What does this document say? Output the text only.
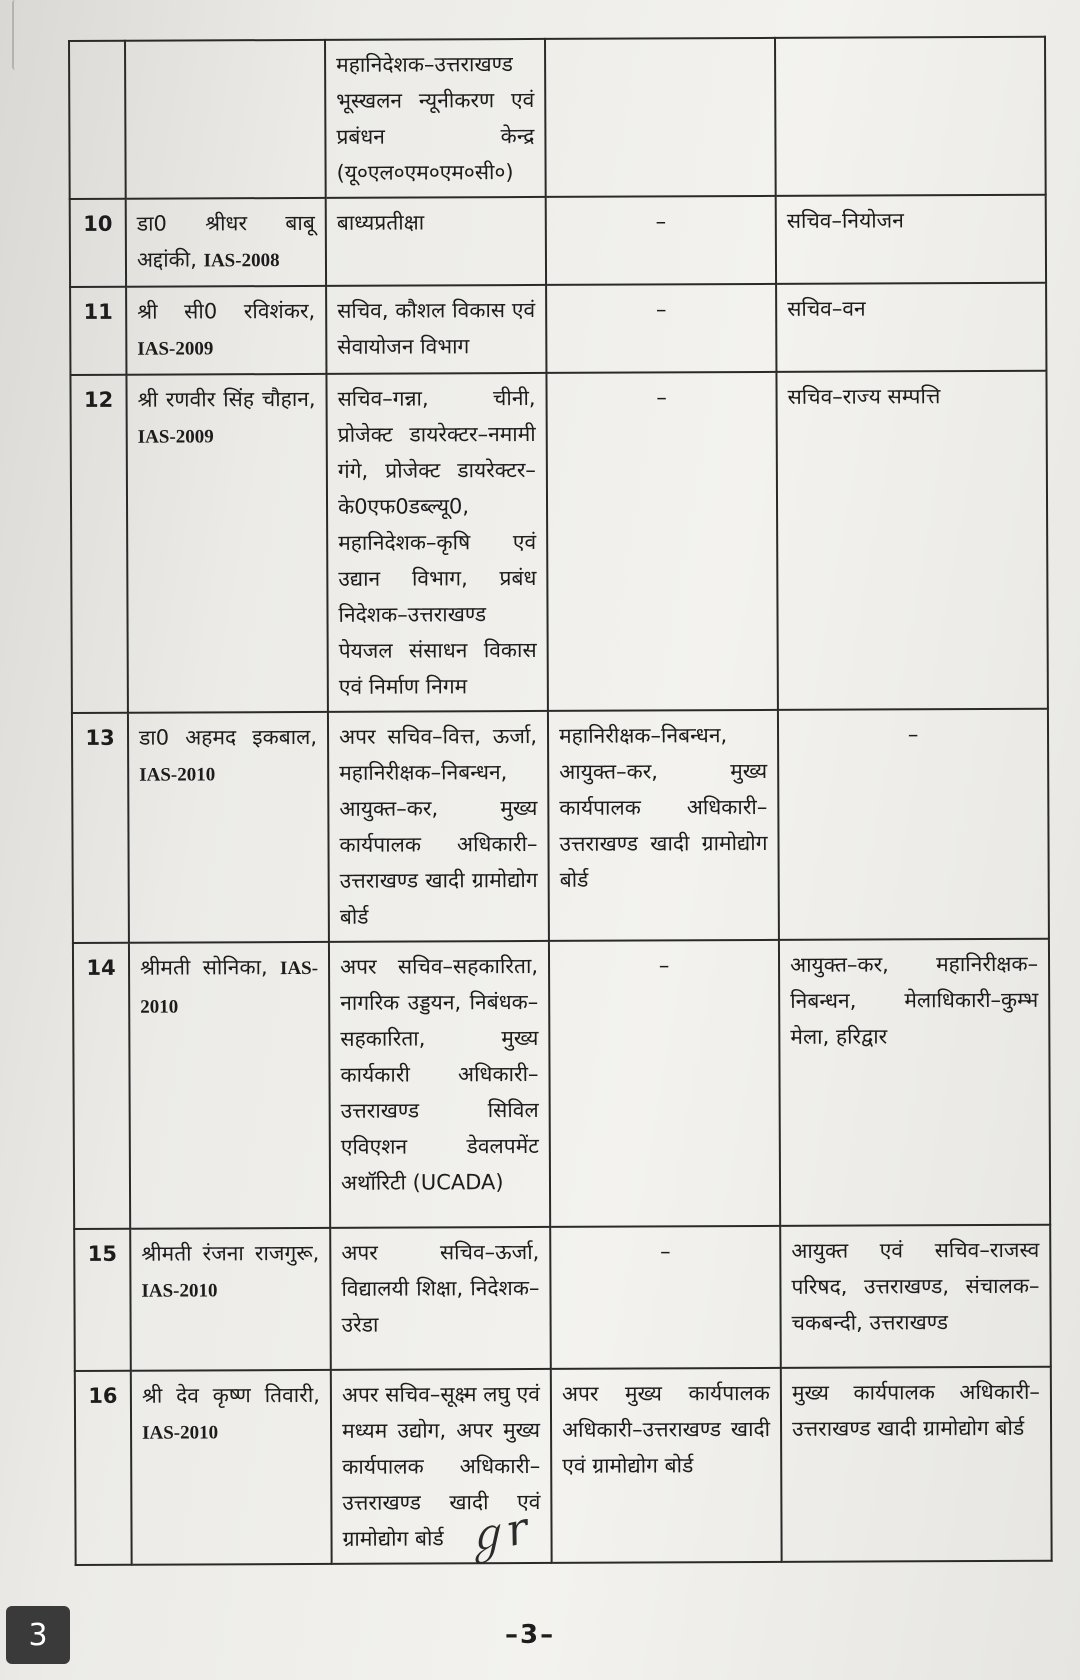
		महानिदेशक–उत्तराखण्ड भूस्खलन न्यूनीकरण एवं प्रबंधन केन्द्र (यू०एल०एम०एम०सी०)		
10	डा0 श्रीधर बाबू अद्दांकी, IAS-2008	बाध्यप्रतीक्षा	–	सचिव–नियोजन
11	श्री सी0 रविशंकर, IAS-2009	सचिव, कौशल विकास एवं सेवायोजन विभाग	–	सचिव–वन
12	श्री रणवीर सिंह चौहान, IAS-2009	सचिव–गन्ना, चीनी, प्रोजेक्ट डायरेक्टर–नमामी गंगे, प्रोजेक्ट डायरेक्टर–के0एफ0डब्ल्यू0, महानिदेशक–कृषि एवं उद्यान विभाग, प्रबंध निदेशक–उत्तराखण्ड पेयजल संसाधन विकास एवं निर्माण निगम	–	सचिव–राज्य सम्पत्ति
13	डा0 अहमद इकबाल, IAS-2010	अपर सचिव–वित्त, ऊर्जा, महानिरीक्षक–निबन्धन, आयुक्त–कर, मुख्य कार्यपालक अधिकारी–उत्तराखण्ड खादी ग्रामोद्योग बोर्ड	महानिरीक्षक–निबन्धन, आयुक्त–कर, मुख्य कार्यपालक अधिकारी–उत्तराखण्ड खादी ग्रामोद्योग बोर्ड	–
14	श्रीमती सोनिका, IAS-2010	अपर सचिव–सहकारिता, नागरिक उड्डयन, निबंधक–सहकारिता, मुख्य कार्यकारी अधिकारी– उत्तराखण्ड सिविल एविएशन डेवलपमेंट अथॉरिटी (UCADA)	–	आयुक्त–कर, महानिरीक्षक–निबन्धन, मेलाधिकारी–कुम्भ मेला, हरिद्वार
15	श्रीमती रंजना राजगुरू, IAS-2010	अपर सचिव–ऊर्जा, विद्यालयी शिक्षा, निदेशक–उरेडा	–	आयुक्त एवं सचिव–राजस्व परिषद, उत्तराखण्ड, संचालक–चकबन्दी, उत्तराखण्ड
16	श्री देव कृष्ण तिवारी, IAS-2010	अपर सचिव–सूक्ष्म लघु एवं मध्यम उद्योग, अपर मुख्य कार्यपालक अधिकारी–उत्तराखण्ड खादी एवं ग्रामोद्योग बोर्ड	अपर मुख्य कार्यपालक अधिकारी–उत्तराखण्ड खादी एवं ग्रामोद्योग बोर्ड	मुख्य कार्यपालक अधिकारी–उत्तराखण्ड खादी ग्रामोद्योग बोर्ड
ℊr
–3–
3
